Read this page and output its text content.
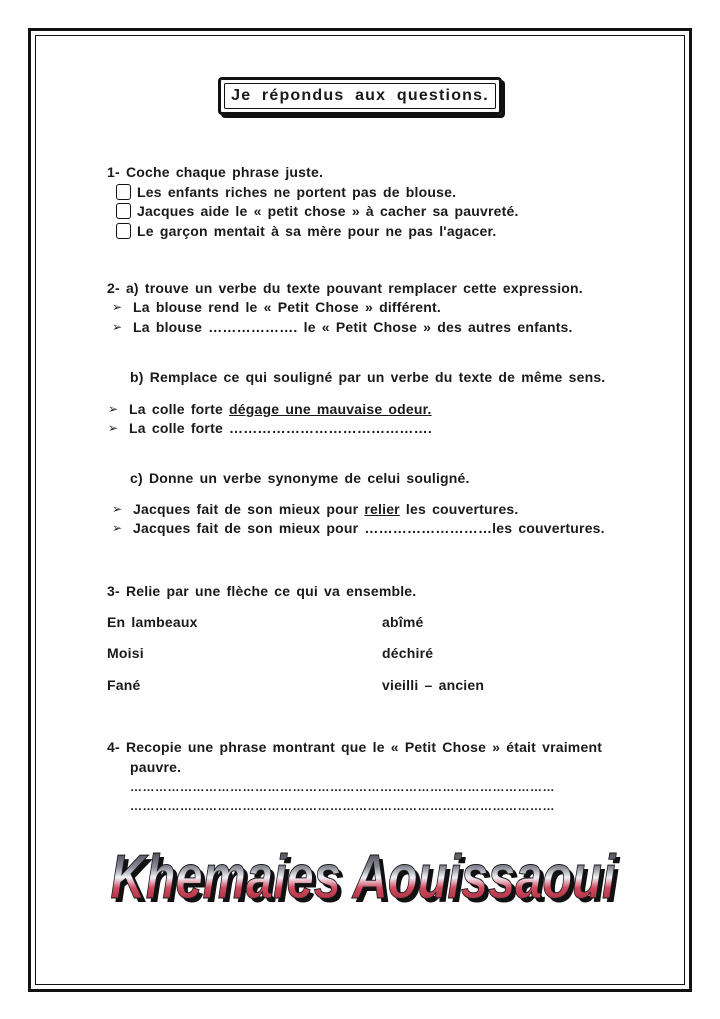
Je répondus aux questions.
1- Coche chaque phrase juste.
Les enfants riches ne portent pas de blouse.
Jacques aide le « petit chose » à cacher sa pauvreté.
Le garçon mentait à sa mère pour ne pas l'agacer.
2- a) trouve un verbe du texte pouvant remplacer cette expression.
➢ La blouse rend le « Petit Chose » différent.
➢ La blouse ………………. le « Petit Chose » des autres enfants.
b) Remplace ce qui souligné par un verbe du texte de même sens.
➢ La colle forte dégage une mauvaise odeur.
➢ La colle forte …………………………………….
c) Donne un verbe synonyme de celui souligné.
➢ Jacques fait de son mieux pour relier les couvertures.
➢ Jacques fait de son mieux pour ………………………les couvertures.
3- Relie par une flèche ce qui va ensemble.
En lambeaux	abîmé
Moisi	déchiré
Fané	vieilli – ancien
4- Recopie une phrase montrant que le « Petit Chose » était vraiment
pauvre.
…………………………………………………………………………………………
…………………………………………………………………………………………
Khemaies Aouissaoui
Khemaies Aouissaoui
